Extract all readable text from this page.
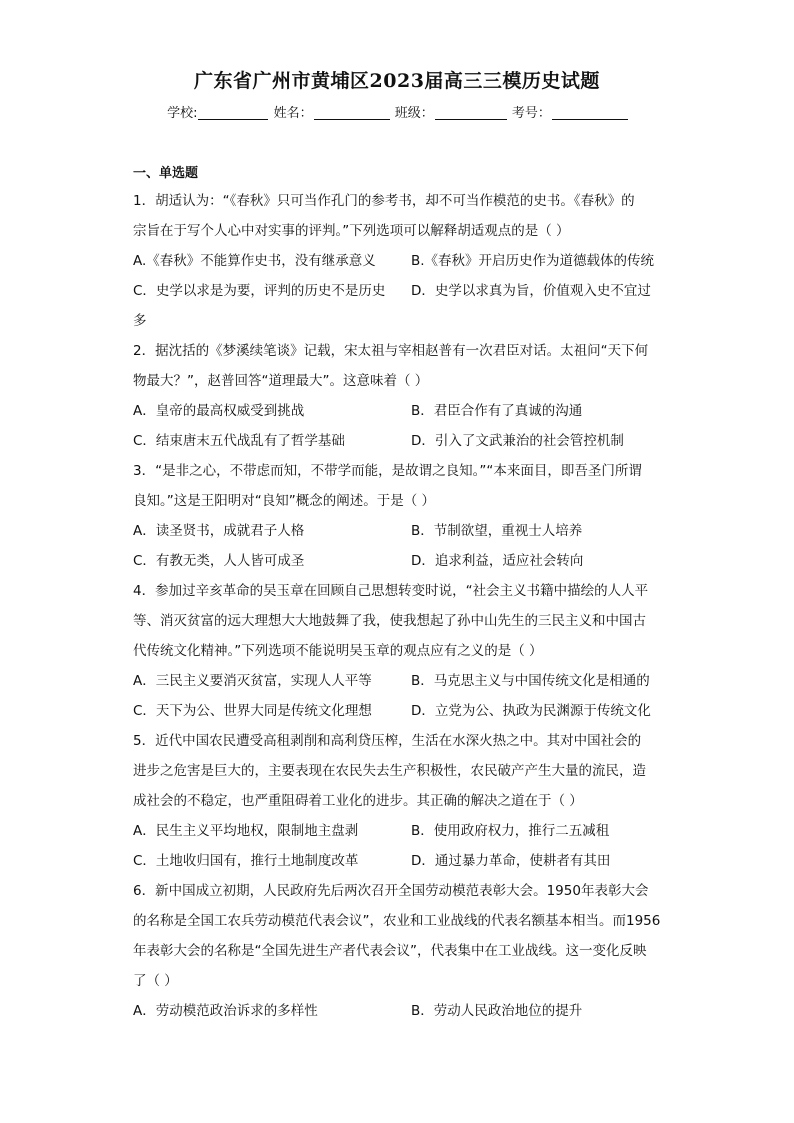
广东省广州市黄埔区2023届高三三模历史试题
学校:	姓名：	班级：	考号：
一、单选题
1．胡适认为：“《春秋》只可当作孔门的参考书，却不可当作模范的史书。《春秋》的
宗旨在于写个人心中对实事的评判。”下列选项可以解释胡适观点的是（ ）
A.《春秋》不能算作史书，没有继承意义	B.《春秋》开启历史作为道德载体的传统
C．史学以求是为要，评判的历史不是历史	D．史学以求真为旨，价值观入史不宜过
多
2．据沈括的《梦溪续笔谈》记载，宋太祖与宰相赵普有一次君臣对话。太祖问“天下何
物最大？”，赵普回答“道理最大”。这意味着（ ）
A．皇帝的最高权威受到挑战	B．君臣合作有了真诚的沟通
C．结束唐末五代战乱有了哲学基础	D．引入了文武兼治的社会管控机制
3．“是非之心，不带虑而知，不带学而能，是故谓之良知。”“本来面目，即吾圣门所谓
良知。”这是王阳明对“良知”概念的阐述。于是（ ）
A．读圣贤书，成就君子人格	B．节制欲望，重视士人培养
C．有教无类，人人皆可成圣	D．追求利益，适应社会转向
4．参加过辛亥革命的吴玉章在回顾自己思想转变时说，“社会主义书籍中描绘的人人平
等、消灭贫富的远大理想大大地鼓舞了我，使我想起了孙中山先生的三民主义和中国古
代传统文化精神。”下列选项不能说明吴玉章的观点应有之义的是（ ）
A．三民主义要消灭贫富，实现人人平等	B．马克思主义与中国传统文化是相通的
C．天下为公、世界大同是传统文化理想	D．立党为公、执政为民渊源于传统文化
5．近代中国农民遭受高租剥削和高利贷压榨，生活在水深火热之中。其对中国社会的
进步之危害是巨大的，主要表现在农民失去生产积极性，农民破产产生大量的流民，造
成社会的不稳定，也严重阻碍着工业化的进步。其正确的解决之道在于（ ）
A．民生主义平均地权，限制地主盘剥	B．使用政府权力，推行二五减租
C．土地收归国有，推行土地制度改革	D．通过暴力革命，使耕者有其田
6．新中国成立初期，人民政府先后两次召开全国劳动模范表彰大会。1950年表彰大会
的名称是全国工农兵劳动模范代表会议”，农业和工业战线的代表名额基本相当。而1956
年表彰大会的名称是“全国先进生产者代表会议”，代表集中在工业战线。这一变化反映
了（ ）
A．劳动模范政治诉求的多样性	B．劳动人民政治地位的提升
